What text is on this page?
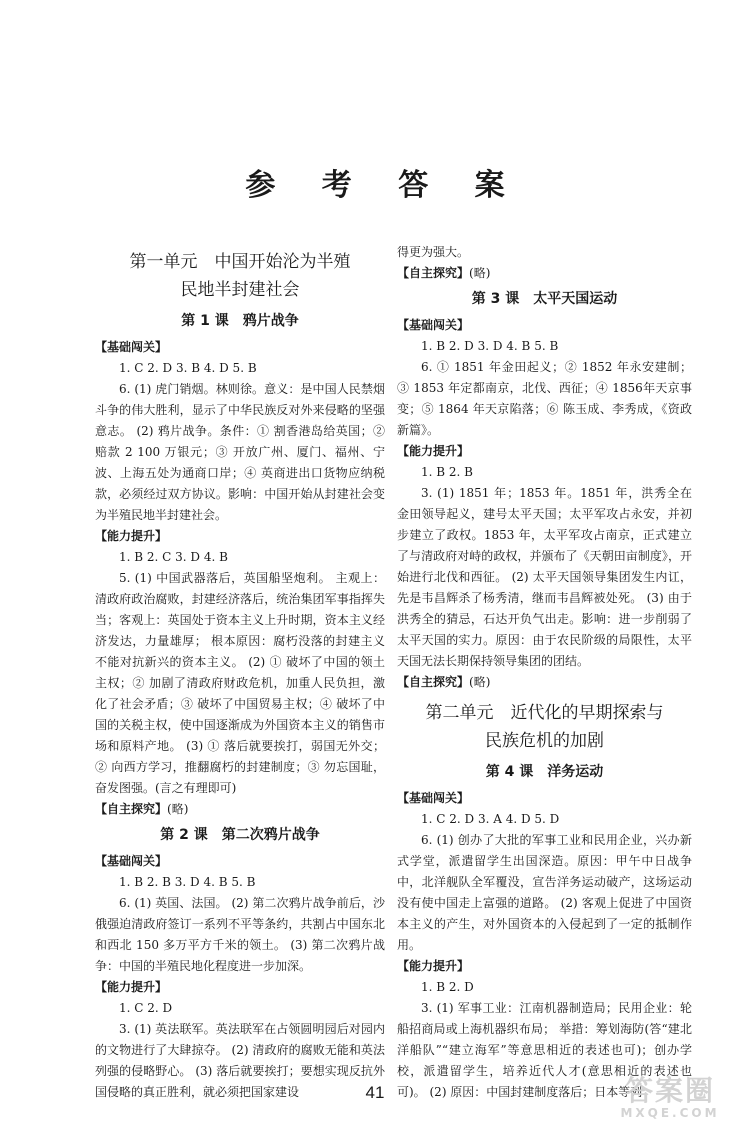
参 考 答 案
第一单元　中国开始沦为半殖
民地半封建社会
第 1 课　鸦片战争
【基础闯关】
1. C 2. D 3. B 4. D 5. B
6. (1) 虎门销烟。林则徐。意义：是中国人民禁烟斗争的伟大胜利，显示了中华民族反对外来侵略的坚强意志。 (2) 鸦片战争。条件：① 割香港岛给英国；② 赔款 2 100 万银元；③ 开放广州、厦门、福州、宁波、上海五处为通商口岸；④ 英商进出口货物应纳税款，必须经过双方协议。影响：中国开始从封建社会变为半殖民地半封建社会。
【能力提升】
1. B 2. C 3. D 4. B
5. (1) 中国武器落后，英国船坚炮利。 主观上：清政府政治腐败，封建经济落后，统治集团军事指挥失当；客观上：英国处于资本主义上升时期，资本主义经济发达，力量雄厚； 根本原因：腐朽没落的封建主义不能对抗新兴的资本主义。 (2) ① 破坏了中国的领土主权；② 加剧了清政府财政危机，加重人民负担，激化了社会矛盾；③ 破坏了中国贸易主权；④ 破坏了中国的关税主权，使中国逐渐成为外国资本主义的销售市场和原料产地。 (3) ① 落后就要挨打，弱国无外交；② 向西方学习，推翻腐朽的封建制度；③ 勿忘国耻，奋发图强。(言之有理即可)
【自主探究】(略)
第 2 课　第二次鸦片战争
【基础闯关】
1. B 2. B 3. D 4. B 5. B
6. (1) 英国、法国。 (2) 第二次鸦片战争前后，沙俄强迫清政府签订一系列不平等条约，共割占中国东北和西北 150 多万平方千米的领土。 (3) 第二次鸦片战争：中国的半殖民地化程度进一步加深。
【能力提升】
1. C 2. D
3. (1) 英法联军。英法联军在占领圆明园后对园内的文物进行了大肆掠夺。 (2) 清政府的腐败无能和英法列强的侵略野心。 (3) 落后就要挨打；要想实现反抗外国侵略的真正胜利，就必须把国家建设
得更为强大。
【自主探究】(略)
第 3 课　太平天国运动
【基础闯关】
1. B 2. D 3. D 4. B 5. B
6. ① 1851 年金田起义；② 1852 年永安建制；③ 1853 年定都南京，北伐、西征；④ 1856年天京事变；⑤ 1864 年天京陷落；⑥ 陈玉成、李秀成，《资政新篇》。
【能力提升】
1. B 2. B
3. (1) 1851 年；1853 年。1851 年，洪秀全在金田领导起义，建号太平天国；太平军攻占永安，并初步建立了政权。1853 年，太平军攻占南京，正式建立了与清政府对峙的政权，并颁布了《天朝田亩制度》，开始进行北伐和西征。 (2) 太平天国领导集团发生内讧，先是韦昌辉杀了杨秀清，继而韦昌辉被处死。 (3) 由于洪秀全的猜忌，石达开负气出走。影响：进一步削弱了太平天国的实力。原因：由于农民阶级的局限性，太平天国无法长期保持领导集团的团结。
【自主探究】(略)
第二单元　近代化的早期探索与
民族危机的加剧
第 4 课　洋务运动
【基础闯关】
1. C 2. D 3. A 4. D 5. D
6. (1) 创办了大批的军事工业和民用企业，兴办新式学堂，派遣留学生出国深造。原因：甲午中日战争中，北洋舰队全军覆没，宣告洋务运动破产，这场运动没有使中国走上富强的道路。 (2) 客观上促进了中国资本主义的产生，对外国资本的入侵起到了一定的抵制作用。
【能力提升】
1. B 2. D
3. (1) 军事工业：江南机器制造局；民用企业：轮船招商局或上海机器织布局； 举措：筹划海防(答“建北洋船队”“建立海军”等意思相近的表述也可)；创办学校，派遣留学生，培养近代人才(意思相近的表述也可)。 (2) 原因：中国封建制度落后；日本等列
41	答案圈
MXQE.COM
